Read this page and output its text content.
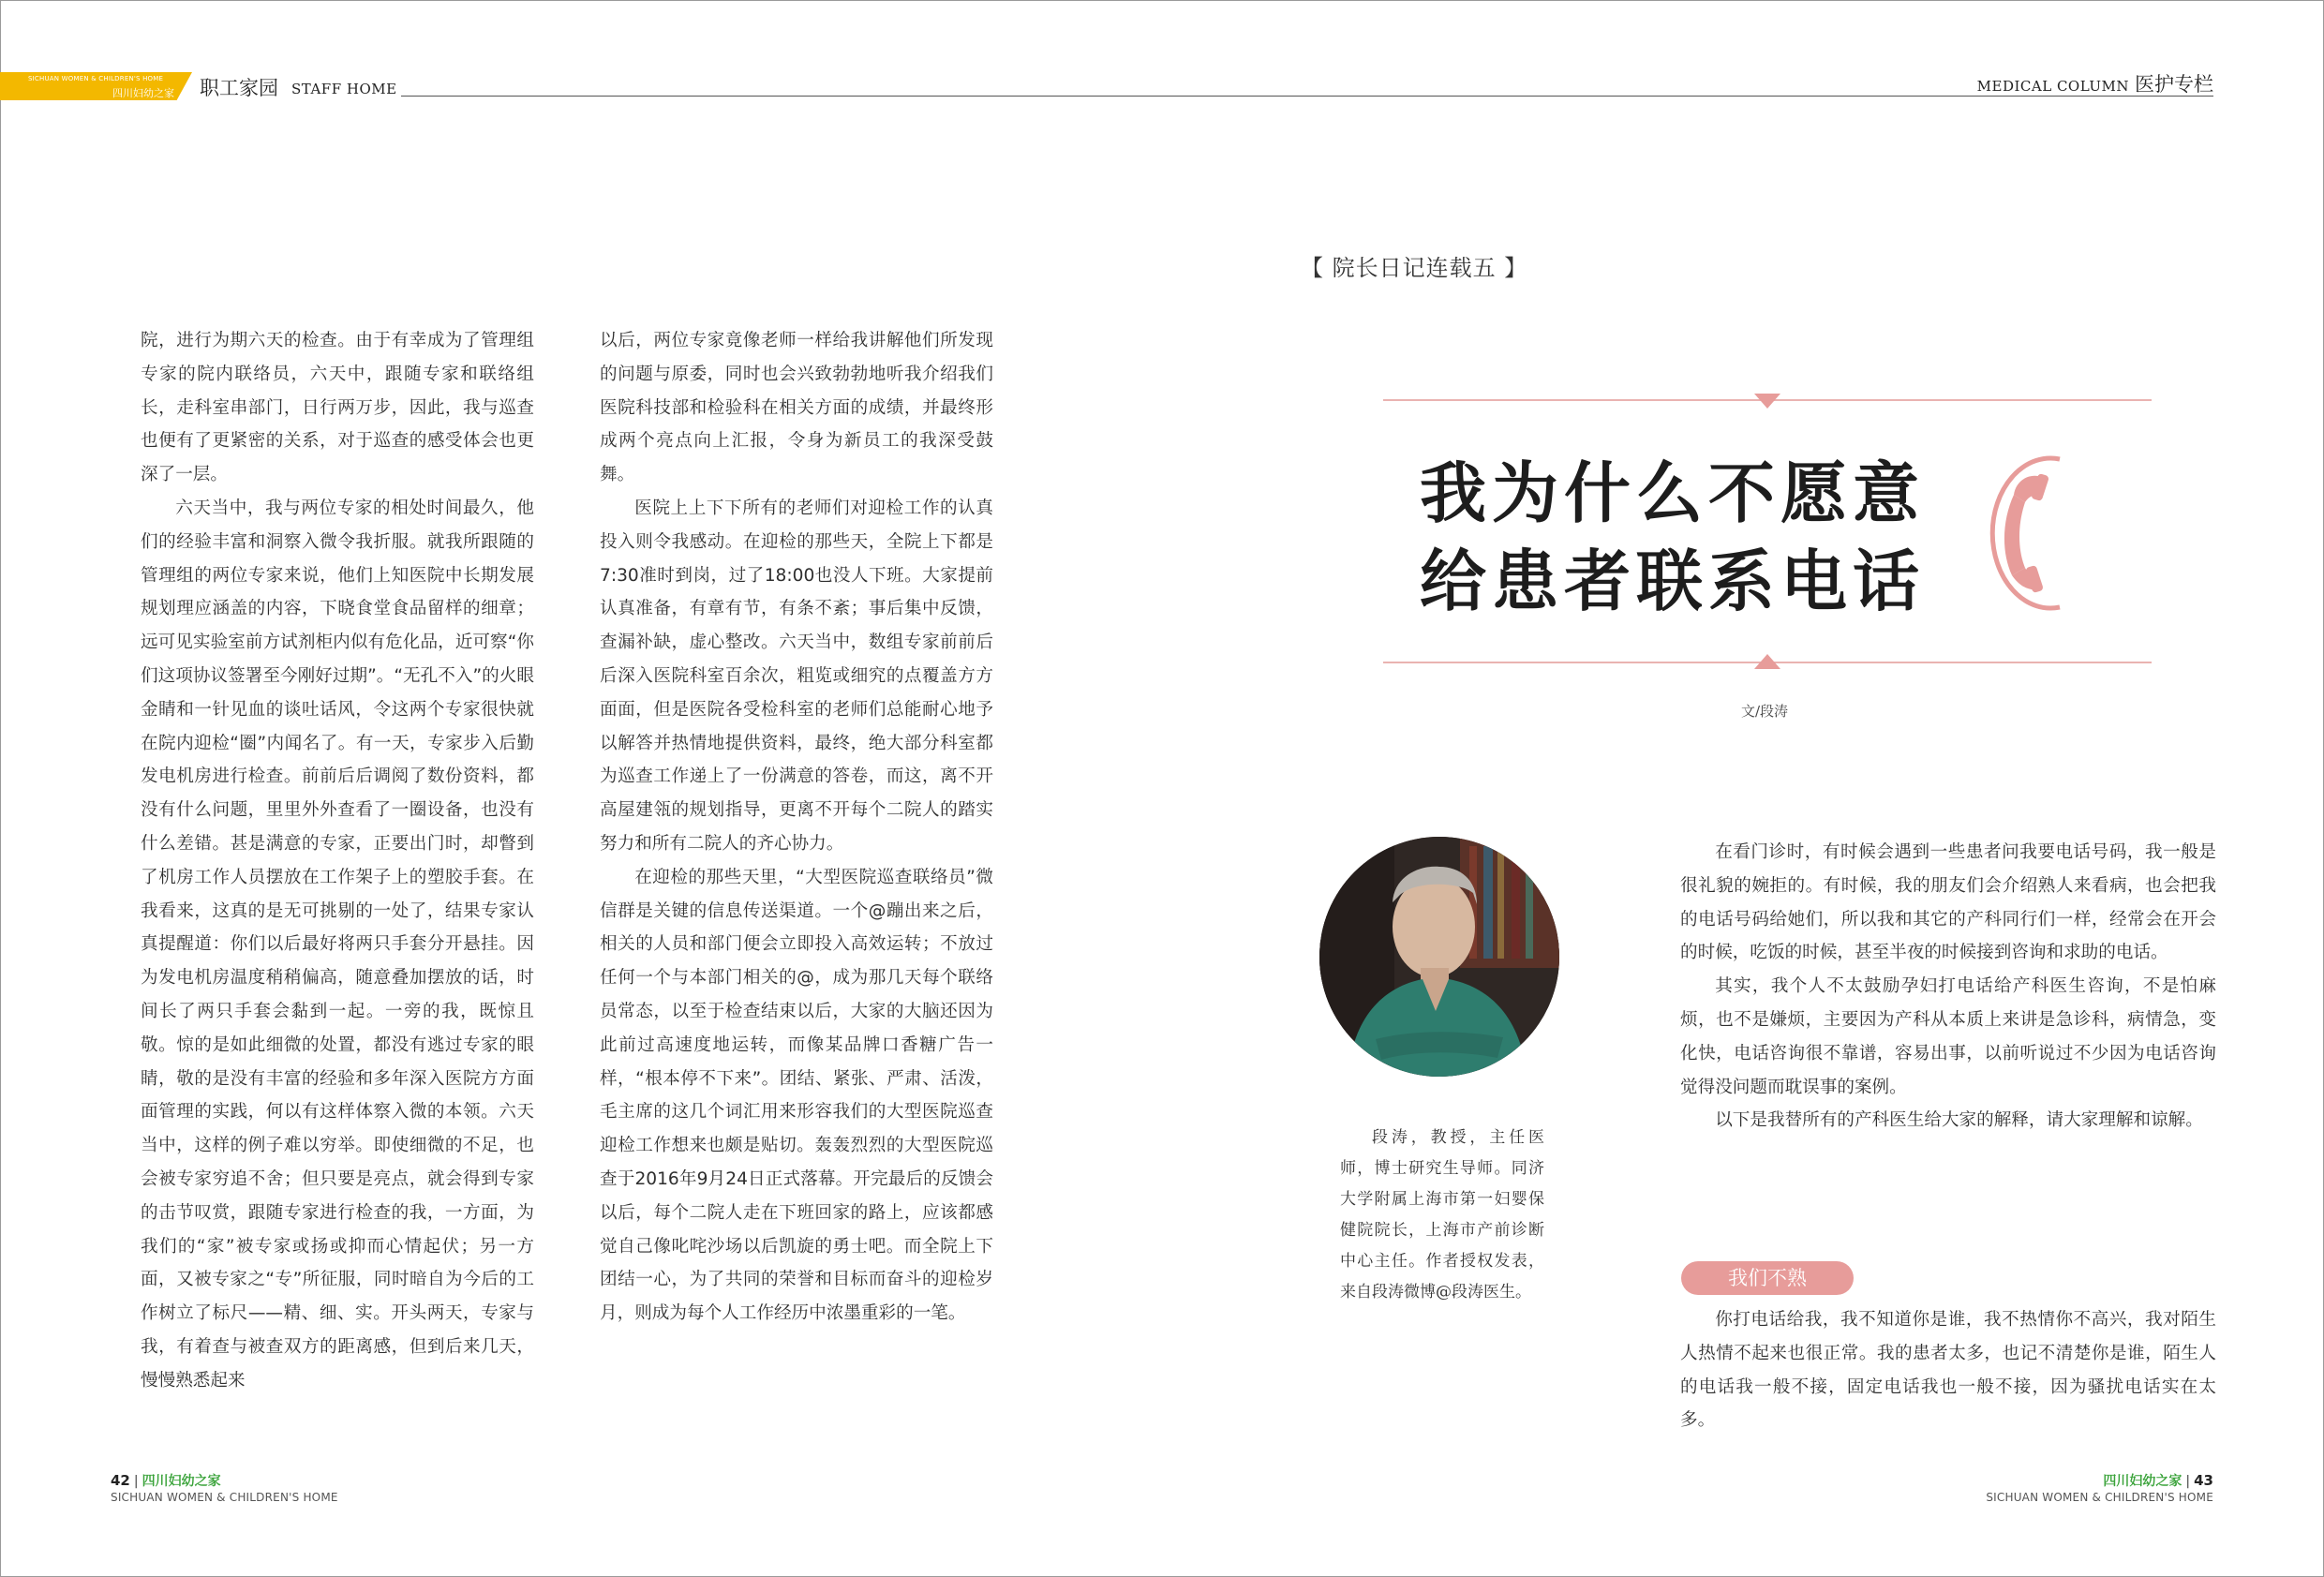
SICHUAN WOMEN & CHILDREN'S HOME
四川妇幼之家 职工家园 STAFF HOME	MEDICAL COLUMN 医护专栏

院，进行为期六天的检查。由于有幸成为了管理组专家的院内联络员，六天中，跟随专家和联络组长，走科室串部门，日行两万步，因此，我与巡查也便有了更紧密的关系，对于巡查的感受体会也更深了一层。

六天当中，我与两位专家的相处时间最久，他们的经验丰富和洞察入微令我折服。就我所跟随的管理组的两位专家来说，他们上知医院中长期发展规划理应涵盖的内容，下晓食堂食品留样的细章；远可见实验室前方试剂柜内似有危化品，近可察“你们这项协议签署至今刚好过期”。“无孔不入”的火眼金睛和一针见血的谈吐话风，令这两个专家很快就在院内迎检“圈”内闻名了。有一天，专家步入后勤发电机房进行检查。前前后后调阅了数份资料，都没有什么问题，里里外外查看了一圈设备，也没有什么差错。甚是满意的专家，正要出门时，却瞥到了机房工作人员摆放在工作架子上的塑胶手套。在我看来，这真的是无可挑剔的一处了，结果专家认真提醒道：你们以后最好将两只手套分开悬挂。因为发电机房温度稍稍偏高，随意叠加摆放的话，时间长了两只手套会黏到一起。一旁的我，既惊且敬。惊的是如此细微的处置，都没有逃过专家的眼睛，敬的是没有丰富的经验和多年深入医院方方面面管理的实践，何以有这样体察入微的本领。六天当中，这样的例子难以穷举。即使细微的不足，也会被专家穷追不舍；但只要是亮点，就会得到专家的击节叹赏，跟随专家进行检查的我，一方面，为我们的“家”被专家或扬或抑而心情起伏；另一方面，又被专家之“专”所征服，同时暗自为今后的工作树立了标尺——精、细、实。开头两天，专家与我，有着查与被查双方的距离感，但到后来几天，慢慢熟悉起来

以后，两位专家竟像老师一样给我讲解他们所发现的问题与原委，同时也会兴致勃勃地听我介绍我们医院科技部和检验科在相关方面的成绩，并最终形成两个亮点向上汇报，令身为新员工的我深受鼓舞。

医院上上下下所有的老师们对迎检工作的认真投入则令我感动。在迎检的那些天，全院上下都是7:30准时到岗，过了18:00也没人下班。大家提前认真准备，有章有节，有条不紊；事后集中反馈，查漏补缺，虚心整改。六天当中，数组专家前前后后深入医院科室百余次，粗览或细究的点覆盖方方面面，但是医院各受检科室的老师们总能耐心地予以解答并热情地提供资料，最终，绝大部分科室都为巡查工作递上了一份满意的答卷，而这，离不开高屋建瓴的规划指导，更离不开每个二院人的踏实努力和所有二院人的齐心协力。

在迎检的那些天里，“大型医院巡查联络员”微信群是关键的信息传送渠道。一个@蹦出来之后，相关的人员和部门便会立即投入高效运转；不放过任何一个与本部门相关的@，成为那几天每个联络员常态，以至于检查结束以后，大家的大脑还因为此前过高速度地运转，而像某品牌口香糖广告一样，“根本停不下来”。团结、紧张、严肃、活泼，毛主席的这几个词汇用来形容我们的大型医院巡查迎检工作想来也颇是贴切。轰轰烈烈的大型医院巡查于2016年9月24日正式落幕。开完最后的反馈会以后，每个二院人走在下班回家的路上，应该都感觉自己像叱咤沙场以后凯旋的勇士吧。而全院上下团结一心，为了共同的荣誉和目标而奋斗的迎检岁月，则成为每个人工作经历中浓墨重彩的一笔。

【 院长日记连载五 】
我为什么不愿意
给患者联系电话
文/段涛

段涛，教授，主任医师，博士研究生导师。同济大学附属上海市第一妇婴保健院院长，上海市产前诊断中心主任。作者授权发表，来自段涛微博@段涛医生。

在看门诊时，有时候会遇到一些患者问我要电话号码，我一般是很礼貌的婉拒的。有时候，我的朋友们会介绍熟人来看病，也会把我的电话号码给她们，所以我和其它的产科同行们一样，经常会在开会的时候，吃饭的时候，甚至半夜的时候接到咨询和求助的电话。

其实，我个人不太鼓励孕妇打电话给产科医生咨询，不是怕麻烦，也不是嫌烦，主要因为产科从本质上来讲是急诊科，病情急，变化快，电话咨询很不靠谱，容易出事，以前听说过不少因为电话咨询觉得没问题而耽误事的案例。

以下是我替所有的产科医生给大家的解释，请大家理解和谅解。

我们不熟

你打电话给我，我不知道你是谁，我不热情你不高兴，我对陌生人热情不起来也很正常。我的患者太多，也记不清楚你是谁，陌生人的电话我一般不接，固定电话我也一般不接，因为骚扰电话实在太多。

42 | 四川妇幼之家
SICHUAN WOMEN & CHILDREN'S HOME
四川妇幼之家 | 43
SICHUAN WOMEN & CHILDREN'S HOME
